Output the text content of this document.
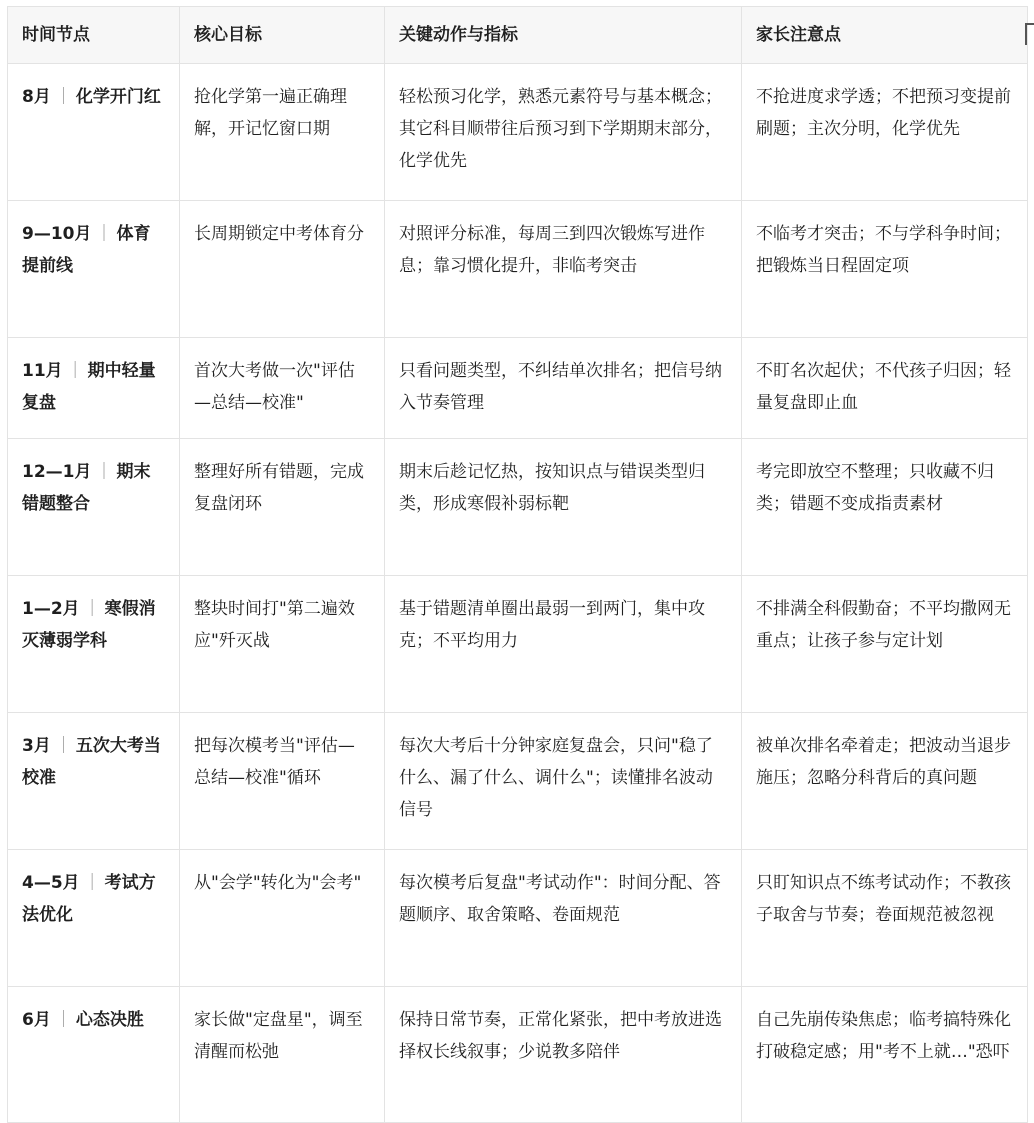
时间节点	核心目标	关键动作与指标	家长注意点
8月 ｜ 化学开门红	抢化学第一遍正确理解，开记忆窗口期	轻松预习化学，熟悉元素符号与基本概念；其它科目顺带往后预习到下学期期末部分，化学优先	不抢进度求学透；不把预习变提前刷题；主次分明，化学优先
9—10月 ｜ 体育提前线	长周期锁定中考体育分	对照评分标准，每周三到四次锻炼写进作息；靠习惯化提升，非临考突击	不临考才突击；不与学科争时间；把锻炼当日程固定项
11月 ｜ 期中轻量复盘	首次大考做一次"评估—总结—校准"	只看问题类型，不纠结单次排名；把信号纳入节奏管理	不盯名次起伏；不代孩子归因；轻量复盘即止血
12—1月 ｜ 期末错题整合	整理好所有错题，完成复盘闭环	期末后趁记忆热，按知识点与错误类型归类，形成寒假补弱标靶	考完即放空不整理；只收藏不归类；错题不变成指责素材
1—2月 ｜ 寒假消灭薄弱学科	整块时间打"第二遍效应"歼灭战	基于错题清单圈出最弱一到两门，集中攻克；不平均用力	不排满全科假勤奋；不平均撒网无重点；让孩子参与定计划
3月 ｜ 五次大考当校准	把每次模考当"评估—总结—校准"循环	每次大考后十分钟家庭复盘会，只问"稳了什么、漏了什么、调什么"；读懂排名波动信号	被单次排名牵着走；把波动当退步施压；忽略分科背后的真问题
4—5月 ｜ 考试方法优化	从"会学"转化为"会考"	每次模考后复盘"考试动作"：时间分配、答题顺序、取舍策略、卷面规范	只盯知识点不练考试动作；不教孩子取舍与节奏；卷面规范被忽视
6月 ｜ 心态决胜	家长做"定盘星"，调至清醒而松弛	保持日常节奏，正常化紧张，把中考放进选择权长线叙事；少说教多陪伴	自己先崩传染焦虑；临考搞特殊化打破稳定感；用"考不上就…"恐吓
